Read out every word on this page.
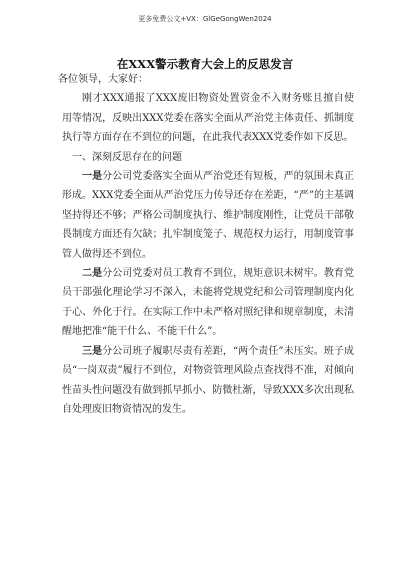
更多免费公文+VX：GlGeGongWen2024
在XXX警示教育大会上的反思发言

各位领导，大家好：

刚才XXX通报了XXX废旧物资处置资金不入财务账且擅自使用等情况，反映出XXX党委在落实全面从严治党主体责任、抓制度执行等方面存在不到位的问题，在此我代表XXX党委作如下反思。

一、深刻反思存在的问题

一是分公司党委落实全面从严治党还有短板，严的氛围未真正形成。XXX党委全面从严治党压力传导还存在差距，“严”的主基调坚持得还不够；严格公司制度执行、维护制度刚性，让党员干部敬畏制度方面还有欠缺；扎牢制度笼子、规范权力运行，用制度管事管人做得还不到位。

二是分公司党委对员工教育不到位，规矩意识未树牢。教育党员干部强化理论学习不深入，未能将党规党纪和公司管理制度内化于心、外化于行。在实际工作中未严格对照纪律和规章制度，未清醒地把准“能干什么、不能干什么”。

三是分公司班子履职尽责有差距，“两个责任”未压实。班子成员“一岗双责”履行不到位，对物资管理风险点查找得不准，对倾向性苗头性问题没有做到抓早抓小、防微杜渐，导致XXX多次出现私自处理废旧物资情况的发生。
